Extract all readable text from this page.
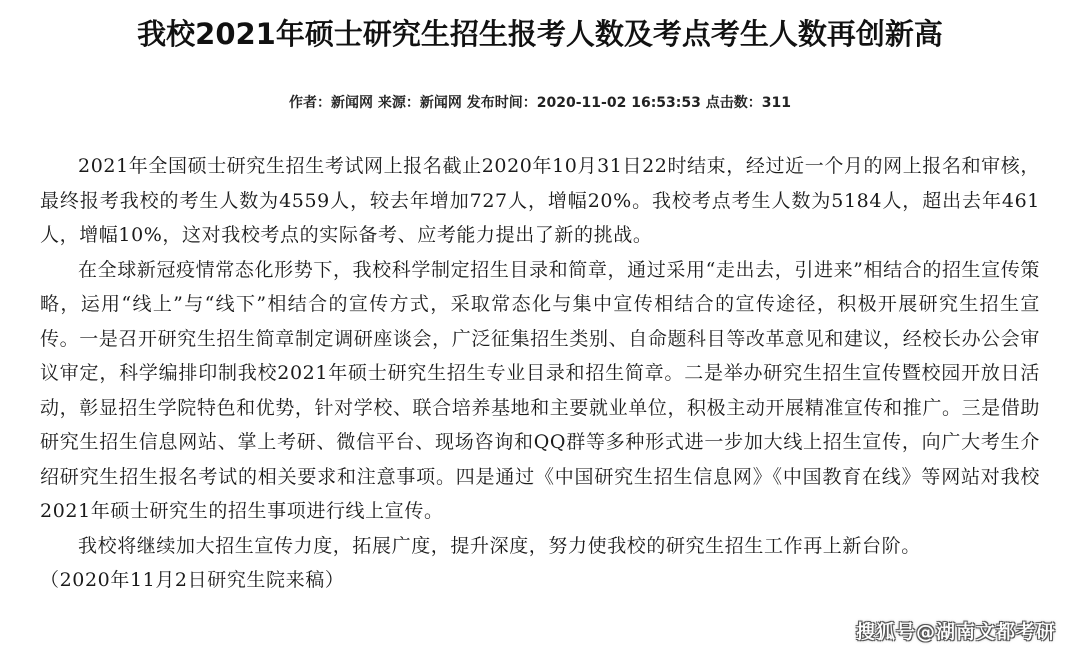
我校2021年硕士研究生招生报考人数及考点考生人数再创新高
作者：新闻网 来源：新闻网 发布时间：2020-11-02 16:53:53 点击数：311

2021年全国硕士研究生招生考试网上报名截止2020年10月31日22时结束，经过近一个月的网上报名和审核，最终报考我校的考生人数为4559人，较去年增加727人，增幅20%。我校考点考生人数为5184人，超出去年461人，增幅10%，这对我校考点的实际备考、应考能力提出了新的挑战。

在全球新冠疫情常态化形势下，我校科学制定招生目录和简章，通过采用“走出去，引进来”相结合的招生宣传策略，运用“线上”与“线下”相结合的宣传方式，采取常态化与集中宣传相结合的宣传途径，积极开展研究生招生宣传。一是召开研究生招生简章制定调研座谈会，广泛征集招生类别、自命题科目等改革意见和建议，经校长办公会审议审定，科学编排印制我校2021年硕士研究生招生专业目录和招生简章。二是举办研究生招生宣传暨校园开放日活动，彰显招生学院特色和优势，针对学校、联合培养基地和主要就业单位，积极主动开展精准宣传和推广。三是借助研究生招生信息网站、掌上考研、微信平台、现场咨询和QQ群等多种形式进一步加大线上招生宣传，向广大考生介绍研究生招生报名考试的相关要求和注意事项。四是通过《中国研究生招生信息网》《中国教育在线》等网站对我校2021年硕士研究生的招生事项进行线上宣传。

我校将继续加大招生宣传力度，拓展广度，提升深度，努力使我校的研究生招生工作再上新台阶。

（2020年11月2日研究生院来稿）

搜狐号@湖南文都考研
